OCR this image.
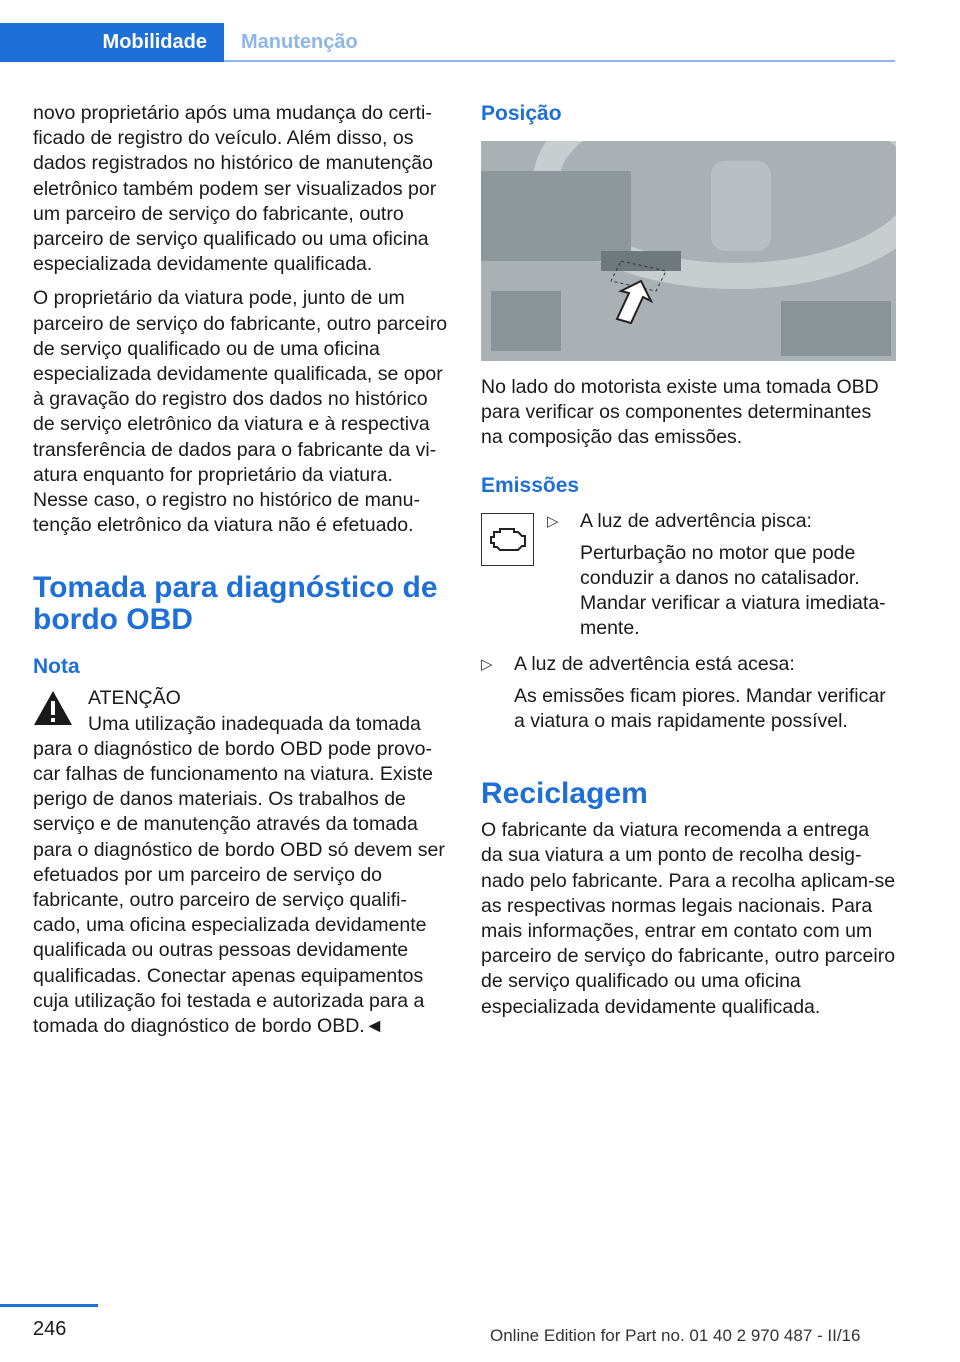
Mobilidade	Manutenção

novo proprietário após uma mudança do certificado de registro do veículo. Além disso, os dados registrados no histórico de manutenção eletrônico também podem ser visualizados por um parceiro de serviço do fabricante, outro parceiro de serviço qualificado ou uma oficina especializada devidamente qualificada.

O proprietário da viatura pode, junto de um parceiro de serviço do fabricante, outro parceiro de serviço qualificado ou de uma oficina especializada devidamente qualificada, se opor à gravação do registro dos dados no histórico de serviço eletrônico da viatura e à respectiva transferência de dados para o fabricante da viatura enquanto for proprietário da viatura. Nesse caso, o registro no histórico de manutenção eletrônico da viatura não é efetuado.

Tomada para diagnóstico de bordo OBD
Nota
ATENÇÃO
Uma utilização inadequada da tomada
para o diagnóstico de bordo OBD pode provocar falhas de funcionamento na viatura. Existe perigo de danos materiais. Os trabalhos de serviço e de manutenção através da tomada para o diagnóstico de bordo OBD só devem ser efetuados por um parceiro de serviço do fabricante, outro parceiro de serviço qualificado, uma oficina especializada devidamente qualificada ou outras pessoas devidamente qualificadas. Conectar apenas equipamentos cuja utilização foi testada e autorizada para a tomada do diagnóstico de bordo OBD.◄
Posição

No lado do motorista existe uma tomada OBD para verificar os componentes determinantes na composição das emissões.

Emissões
▷ A luz de advertência pisca:
Perturbação no motor que pode conduzir a danos no catalisador. Mandar verificar a viatura imediatamente.
▷ A luz de advertência está acesa:
As emissões ficam piores. Mandar verificar a viatura o mais rapidamente possível.
Reciclagem

O fabricante da viatura recomenda a entrega da sua viatura a um ponto de recolha designado pelo fabricante. Para a recolha aplicam-se as respectivas normas legais nacionais. Para mais informações, entrar em contato com um parceiro de serviço do fabricante, outro parceiro de serviço qualificado ou uma oficina especializada devidamente qualificada.

246	Online Edition for Part no. 01 40 2 970 487 - II/16
